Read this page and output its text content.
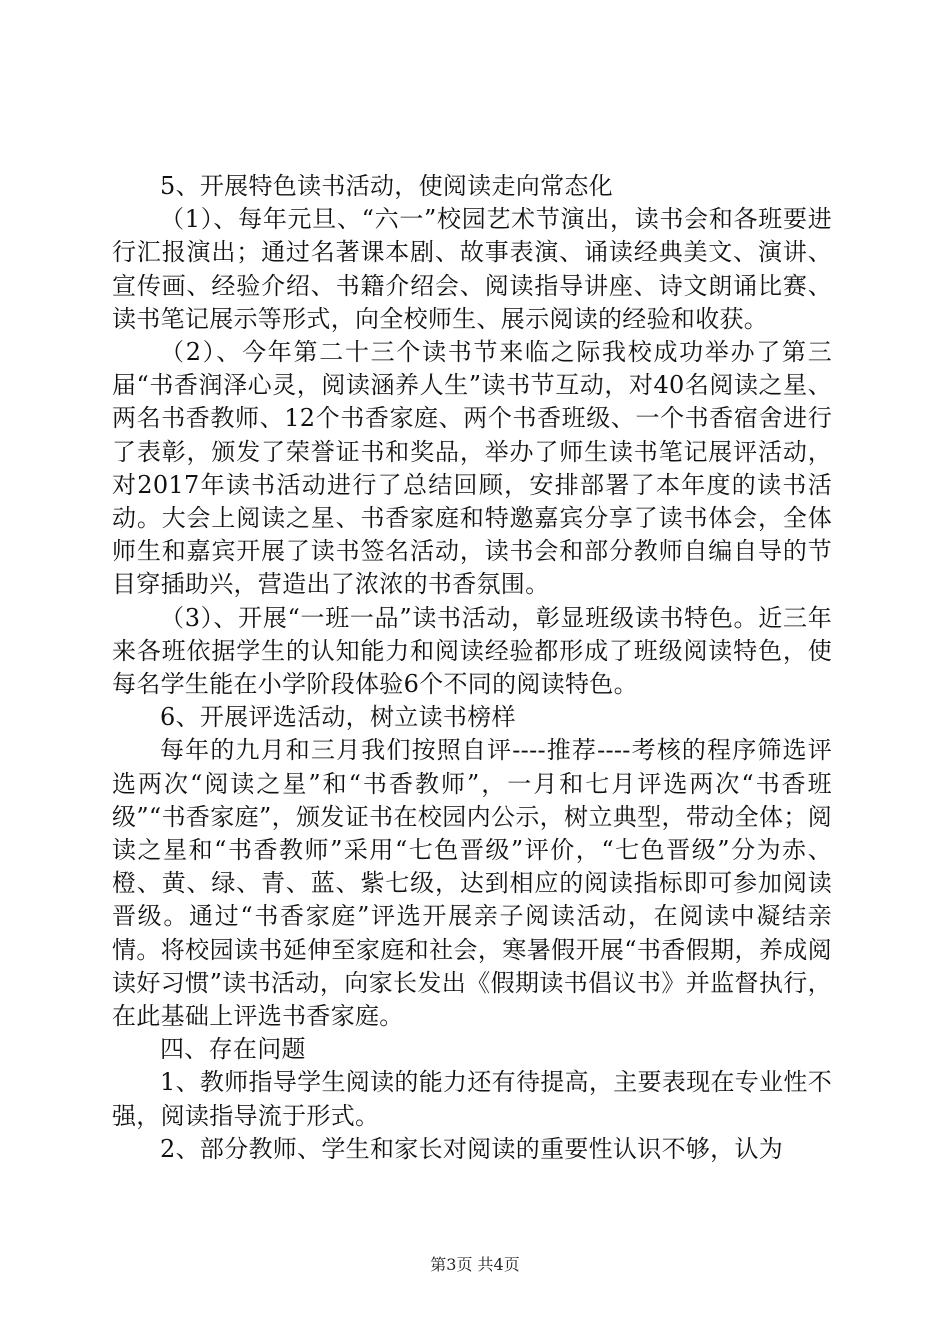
5、开展特色读书活动，使阅读走向常态化

（1）、每年元旦、“六一”校园艺术节演出，读书会和各班要进行汇报演出；通过名著课本剧、故事表演、诵读经典美文、演讲、宣传画、经验介绍、书籍介绍会、阅读指导讲座、诗文朗诵比赛、读书笔记展示等形式，向全校师生、展示阅读的经验和收获。

（2）、今年第二十三个读书节来临之际我校成功举办了第三届“书香润泽心灵，阅读涵养人生”读书节互动，对40名阅读之星、两名书香教师、12个书香家庭、两个书香班级、一个书香宿舍进行了表彰，颁发了荣誉证书和奖品，举办了师生读书笔记展评活动，对2017年读书活动进行了总结回顾，安排部署了本年度的读书活动。大会上阅读之星、书香家庭和特邀嘉宾分享了读书体会，全体师生和嘉宾开展了读书签名活动，读书会和部分教师自编自导的节目穿插助兴，营造出了浓浓的书香氛围。

（3）、开展“一班一品”读书活动，彰显班级读书特色。近三年来各班依据学生的认知能力和阅读经验都形成了班级阅读特色，使每名学生能在小学阶段体验6个不同的阅读特色。

6、开展评选活动，树立读书榜样

每年的九月和三月我们按照自评----推荐----考核的程序筛选评选两次“阅读之星”和“书香教师”，一月和七月评选两次“书香班级”“书香家庭”，颁发证书在校园内公示，树立典型，带动全体；阅读之星和“书香教师”采用“七色晋级”评价，“七色晋级”分为赤、橙、黄、绿、青、蓝、紫七级，达到相应的阅读指标即可参加阅读晋级。通过“书香家庭”评选开展亲子阅读活动，在阅读中凝结亲情。将校园读书延伸至家庭和社会，寒暑假开展“书香假期，养成阅读好习惯”读书活动，向家长发出《假期读书倡议书》并监督执行，在此基础上评选书香家庭。

四、存在问题

1、教师指导学生阅读的能力还有待提高，主要表现在专业性不强，阅读指导流于形式。

2、部分教师、学生和家长对阅读的重要性认识不够，认为

第3页 共4页
